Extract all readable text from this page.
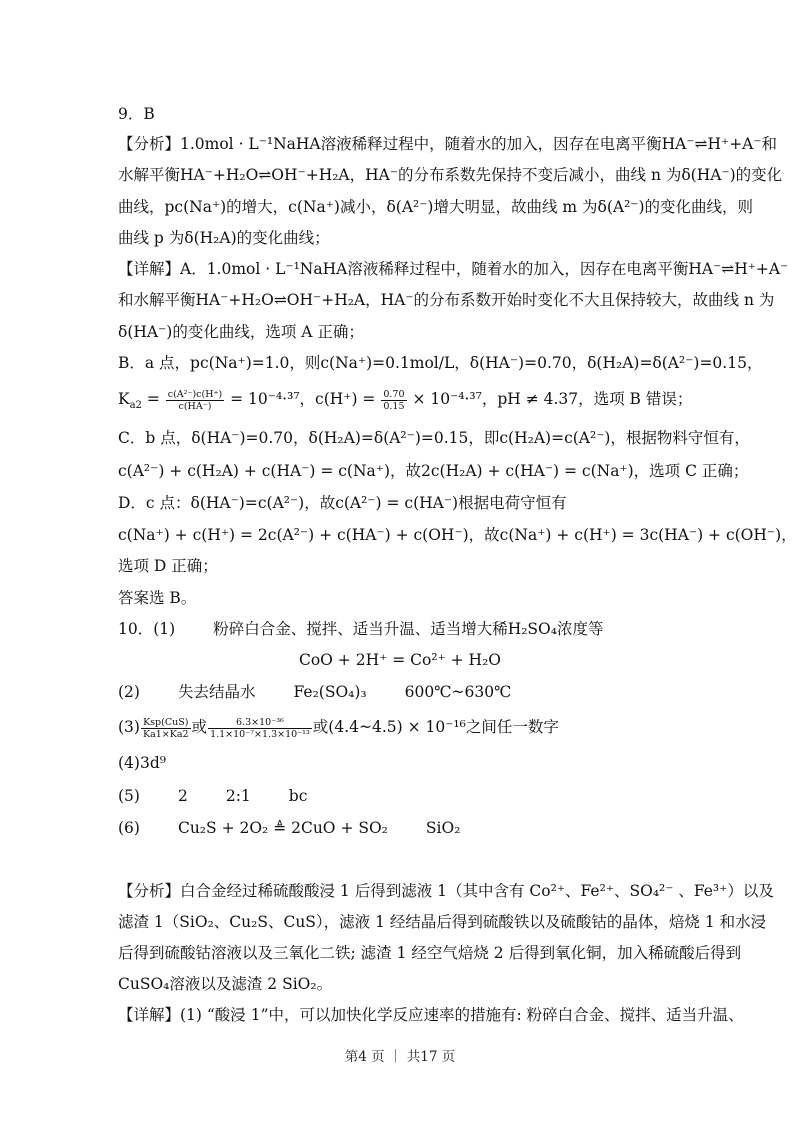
9．B
【分析】1.0mol · L⁻¹NaHA溶液稀释过程中，随着水的加入，因存在电离平衡HA⁻⇌H⁺+A⁻和
水解平衡HA⁻+H₂O⇌OH⁻+H₂A，HA⁻的分布系数先保持不变后减小，曲线 n 为δ(HA⁻)的变化
曲线，pc(Na⁺)的增大，c(Na⁺)减小，δ(A²⁻)增大明显，故曲线 m 为δ(A²⁻)的变化曲线，则
曲线 p 为δ(H₂A)的变化曲线；
【详解】A．1.0mol · L⁻¹NaHA溶液稀释过程中，随着水的加入，因存在电离平衡HA⁻⇌H⁺+A⁻
和水解平衡HA⁻+H₂O⇌OH⁻+H₂A，HA⁻的分布系数开始时变化不大且保持较大，故曲线 n 为
δ(HA⁻)的变化曲线，选项 A 正确；
B．a 点，pc(Na⁺)=1.0，则c(Na⁺)=0.1mol/L，δ(HA⁻)=0.70，δ(H₂A)=δ(A²⁻)=0.15，
$K_{a2} = \frac{\text{c(A²⁻)c(H⁺)}}{c(HA^-)} = 10^{-4}\cdot^{37}$，$c(H^+) = \frac{0.70}{0.15} \times 10^{-4}\cdot^{37}$，pH ≠ 4.37，选项 B 错误；
C．b 点，δ(HA⁻)=0.70，δ(H₂A)=δ(A²⁻)=0.15，即c(H₂A)=c(A²⁻)，根据物料守恒有，
c(A²⁻) + c(H₂A) + c(HA⁻) = c(Na⁺)，故2c(H₂A) + c(HA⁻) = c(Na⁺)，选项 C 正确；
D．c 点：δ(HA⁻)=c(A²⁻)，故c(A²⁻) = c(HA⁻)根据电荷守恒有
c(Na⁺) + c(H⁺) = 2c(A²⁻) + c(HA⁻) + c(OH⁻)，故c(Na⁺) + c(H⁺) = 3c(HA⁻) + c(OH⁻)，
选项 D 正确；
答案选 B。
10．(1) 粉碎白合金、搅拌、适当升温、适当增大稀H₂SO₄浓度等
CoO + 2H⁺ = Co²⁺ + H₂O
(2) 失去结晶水 Fe₂(SO₄)₃ 600℃~630℃
$(3) \frac{\text{Ksp(CuS)}}{Ka1\times Ka2}$ 或 $\frac{\text{6.3×10⁻³⁶}}{\text{1.1×10⁻⁷×1.3×10⁻¹³}}$ 或(4.4~4.5) × 10⁻¹⁶之间任一数字
(4)3d⁹
(5) 2 2:1 bc
(6) Cu₂S + 2O₂ ≜ 2CuO + SO₂ SiO₂
【分析】白合金经过稀硫酸酸浸 1 后得到滤液 1（其中含有 Co²⁺、Fe²⁺、SO₄²⁻ 、Fe³⁺）以及
滤渣 1（SiO₂、Cu₂S、CuS），滤液 1 经结晶后得到硫酸铁以及硫酸钴的晶体，焙烧 1 和水浸
后得到硫酸钴溶液以及三氧化二铁; 滤渣 1 经空气焙烧 2 后得到氧化铜，加入稀硫酸后得到
CuSO₄溶液以及滤渣 2 SiO₂。
【详解】(1) “酸浸 1”中，可以加快化学反应速率的措施有: 粉碎白合金、搅拌、适当升温、
第4 页 ｜ 共17 页
